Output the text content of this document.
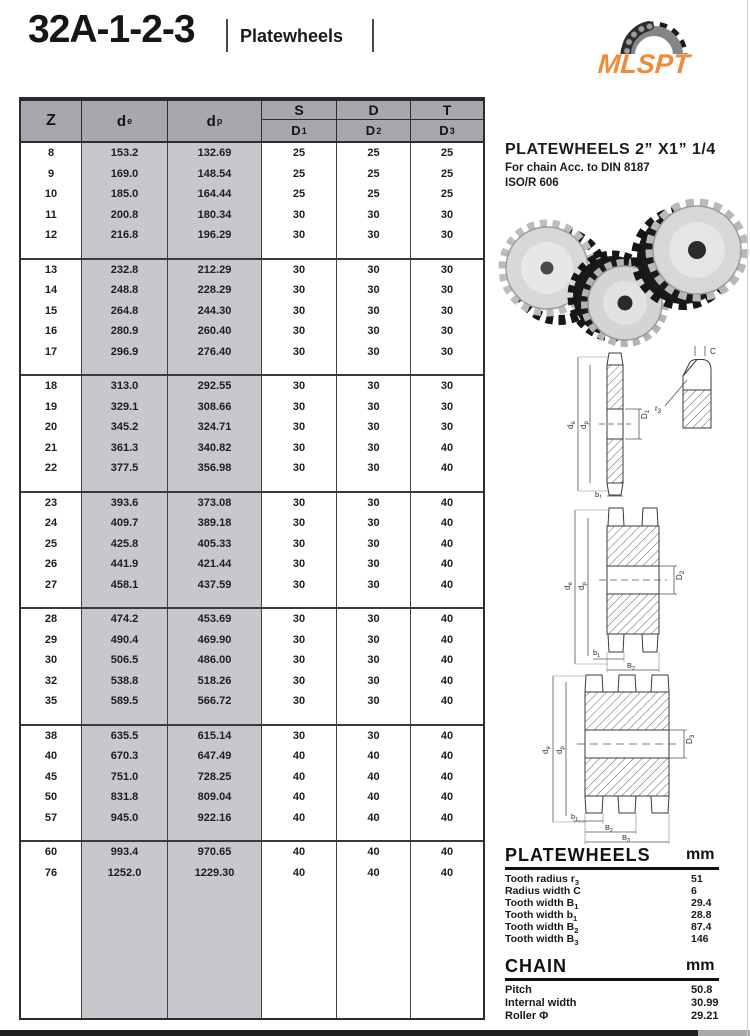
32A-1-2-3	Platewheels
MLSPT
Z	d e	d p
S	D	T
D 1	D 2	D 3
8	153.2	132.69	25	25	25
9	169.0	148.54	25	25	25
10	185.0	164.44	25	25	25
11	200.8	180.34	30	30	30
12	216.8	196.29	30	30	30
13	232.8	212.29	30	30	30
14	248.8	228.29	30	30	30
15	264.8	244.30	30	30	30
16	280.9	260.40	30	30	30
17	296.9	276.40	30	30	30
18	313.0	292.55	30	30	30
19	329.1	308.66	30	30	30
20	345.2	324.71	30	30	30
21	361.3	340.82	30	30	40
22	377.5	356.98	30	30	40
23	393.6	373.08	30	30	40
24	409.7	389.18	30	30	40
25	425.8	405.33	30	30	40
26	441.9	421.44	30	30	40
27	458.1	437.59	30	30	40
28	474.2	453.69	30	30	40
29	490.4	469.90	30	30	40
30	506.5	486.00	30	30	40
32	538.8	518.26	30	30	40
35	589.5	566.72	30	30	40
38	635.5	615.14	30	30	40
40	670.3	647.49	40	40	40
45	751.0	728.25	40	40	40
50	831.8	809.04	40	40	40
57	945.0	922.16	40	40	40
60	993.4	970.65	40	40	40
76	1252.0	1229.30	40	40	40
PLATEWHEELS 2” X1” 1/4
For chain Acc. to DIN 8187
ISO/R 606
$d_e$
$d_p$
$D_1$
$b_1$
$r_3$
C
$d_e$
$d_p$
$D_2$
$b_1$
$B_2$
$d_e$
$d_p$
$D_3$
$b_1$
$B_2$
$B_3$
PLATEWHEELS mm
Tooth radius $r_3$	51
Radius width C	6
Tooth width $B_1$	29.4
Tooth width $b_1$	28.8
Tooth width $B_2$	87.4
Tooth width $B_3$	146
CHAIN	mm
Pitch	50.8
Internal width	30.99
Roller Φ	29.21
